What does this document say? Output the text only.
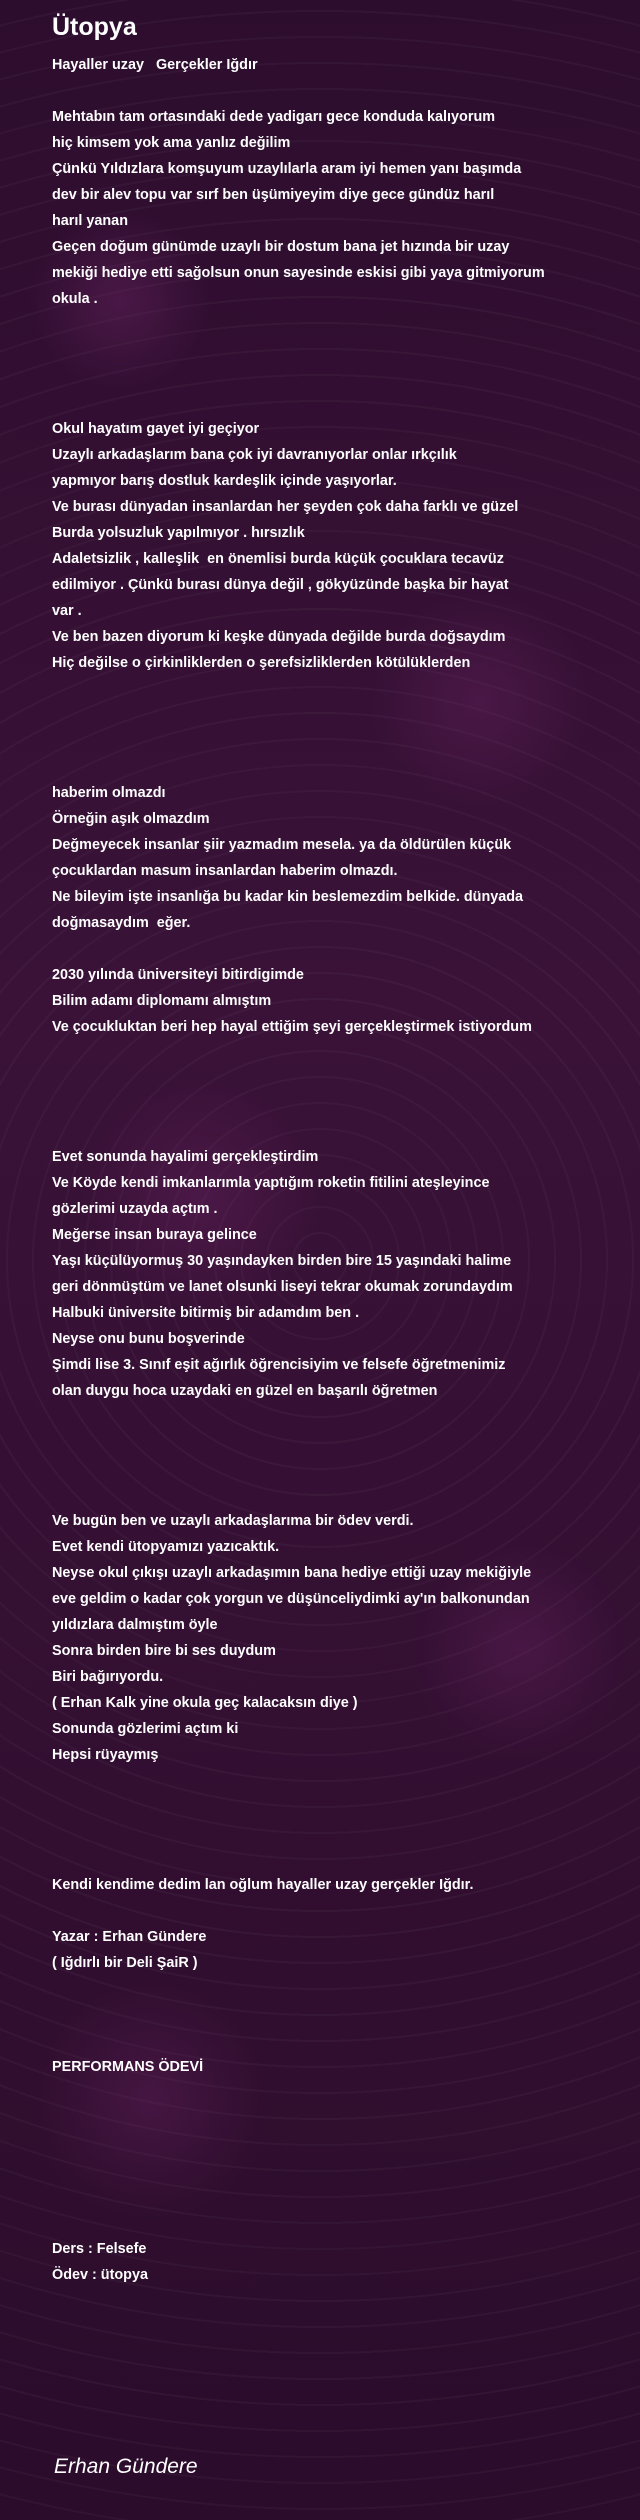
Ütopya
Hayaller uzay   Gerçekler Iğdır

Mehtabın tam ortasındaki dede yadigarı gece konduda kalıyorum
hiç kimsem yok ama yanlız değilim
Çünkü Yıldızlara komşuyum uzaylılarla aram iyi hemen yanı başımda
dev bir alev topu var sırf ben üşümiyeyim diye gece gündüz harıl
harıl yanan
Geçen doğum günümde uzaylı bir dostum bana jet hızında bir uzay
mekiği hediye etti sağolsun onun sayesinde eskisi gibi yaya gitmiyorum
okula .

Okul hayatım gayet iyi geçiyor
Uzaylı arkadaşlarım bana çok iyi davranıyorlar onlar ırkçılık
yapmıyor barış dostluk kardeşlik içinde yaşıyorlar.
Ve burası dünyadan insanlardan her şeyden çok daha farklı ve güzel
Burda yolsuzluk yapılmıyor . hırsızlık
Adaletsizlik , kalleşlik  en önemlisi burda küçük çocuklara tecavüz
edilmiyor . Çünkü burası dünya değil , gökyüzünde başka bir hayat
var .
Ve ben bazen diyorum ki keşke dünyada değilde burda doğsaydım
Hiç değilse o çirkinliklerden o şerefsizliklerden kötülüklerden

haberim olmazdı
Örneğin aşık olmazdım
Değmeyecek insanlar şiir yazmadım mesela. ya da öldürülen küçük
çocuklardan masum insanlardan haberim olmazdı.
Ne bileyim işte insanlığa bu kadar kin beslemezdim belkide. dünyada
doğmasaydım  eğer.

2030 yılında üniversiteyi bitirdigimde
Bilim adamı diplomamı almıştım
Ve çocukluktan beri hep hayal ettiğim şeyi gerçekleştirmek istiyordum

Evet sonunda hayalimi gerçekleştirdim
Ve Köyde kendi imkanlarımla yaptığım roketin fitilini ateşleyince
gözlerimi uzayda açtım .
Meğerse insan buraya gelince
Yaşı küçülüyormuş 30 yaşındayken birden bire 15 yaşındaki halime
geri dönmüştüm ve lanet olsunki liseyi tekrar okumak zorundaydım
Halbuki üniversite bitirmiş bir adamdım ben .
Neyse onu bunu boşverinde
Şimdi lise 3. Sınıf eşit ağırlık öğrencisiyim ve felsefe öğretmenimiz
olan duygu hoca uzaydaki en güzel en başarılı öğretmen

Ve bugün ben ve uzaylı arkadaşlarıma bir ödev verdi.
Evet kendi ütopyamızı yazıcaktık.
Neyse okul çıkışı uzaylı arkadaşımın bana hediye ettiği uzay mekiğiyle
eve geldim o kadar çok yorgun ve düşünceliydimki ay'ın balkonundan
yıldızlara dalmıştım öyle
Sonra birden bire bi ses duydum
Biri bağırıyordu.
( Erhan Kalk yine okula geç kalacaksın diye )
Sonunda gözlerimi açtım ki
Hepsi rüyaymış

Kendi kendime dedim lan oğlum hayaller uzay gerçekler Iğdır.

Yazar : Erhan Gündere
( Iğdırlı bir Deli ŞaiR )

PERFORMANS ÖDEVİ

Ders : Felsefe
Ödev : ütopya
Erhan Gündere
